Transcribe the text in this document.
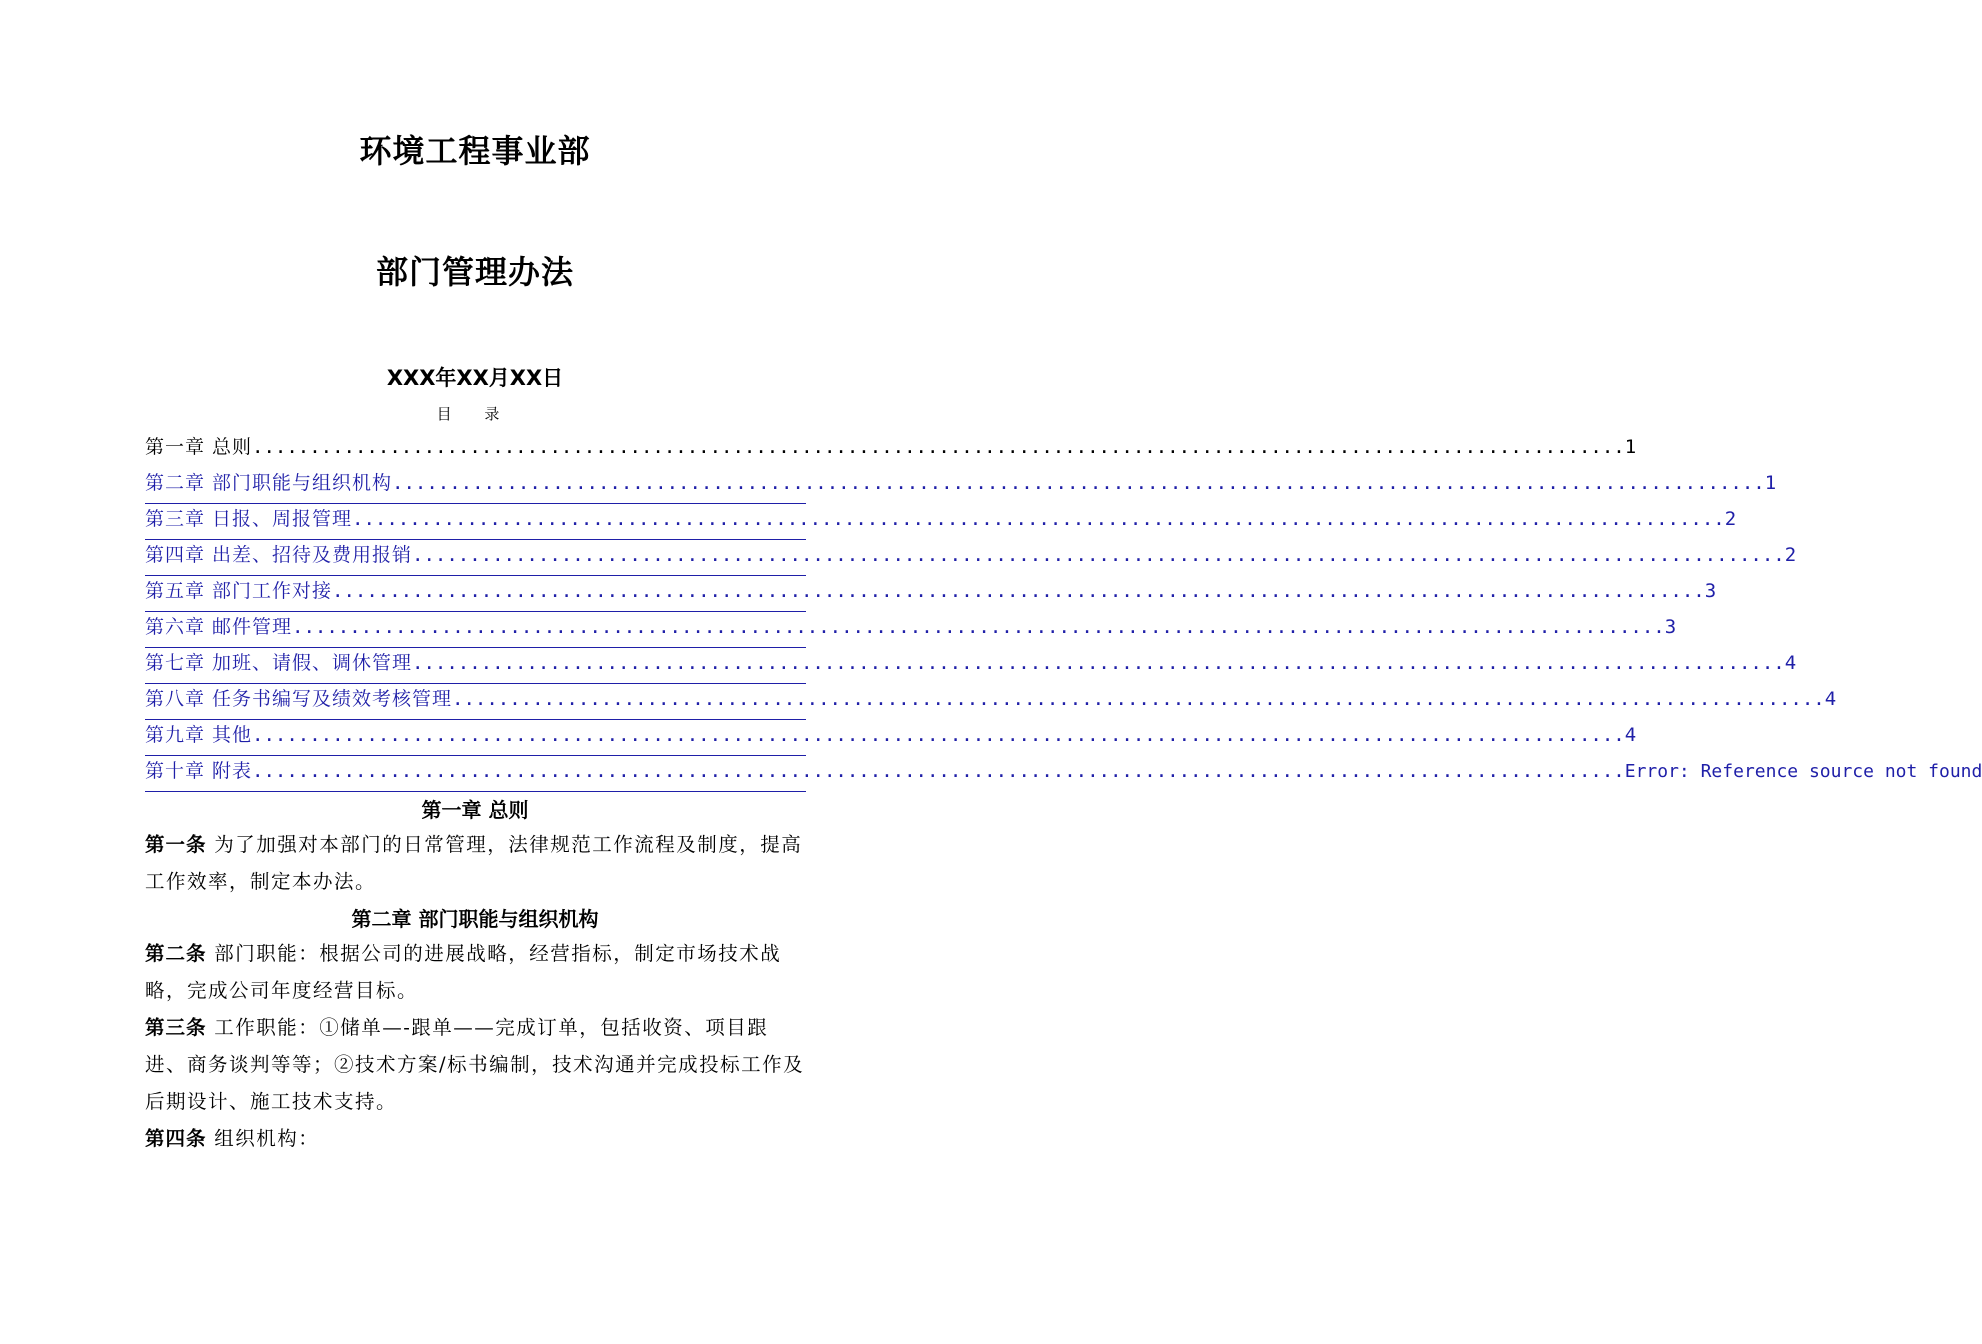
环境工程事业部
部门管理办法
XXX年XX月XX日
目 录
第一章 总则 ........................................................................................................................ 1
第二章 部门职能与组织机构 ........................................................................................................................ 1
第三章 日报、周报管理 ........................................................................................................................ 2
第四章 出差、招待及费用报销 ........................................................................................................................ 2
第五章 部门工作对接 ........................................................................................................................ 3
第六章 邮件管理 ........................................................................................................................ 3
第七章 加班、请假、调休管理 ........................................................................................................................ 4
第八章 任务书编写及绩效考核管理 ........................................................................................................................ 4
第九章 其他 ........................................................................................................................ 4
第十章 附表 ........................................................................................................................ Error: Reference source not found
第一章 总则
第一条 为了加强对本部门的日常管理，法律规范工作流程及制度，提高工作效率，制定本办法。
第二章 部门职能与组织机构
第二条 部门职能：根据公司的进展战略，经营指标，制定市场技术战略，完成公司年度经营目标。
第三条 工作职能：①储单—-跟单——完成订单，包括收资、项目跟进、商务谈判等等；②技术方案/标书编制，技术沟通并完成投标工作及后期设计、施工技术支持。
第四条 组织机构：
